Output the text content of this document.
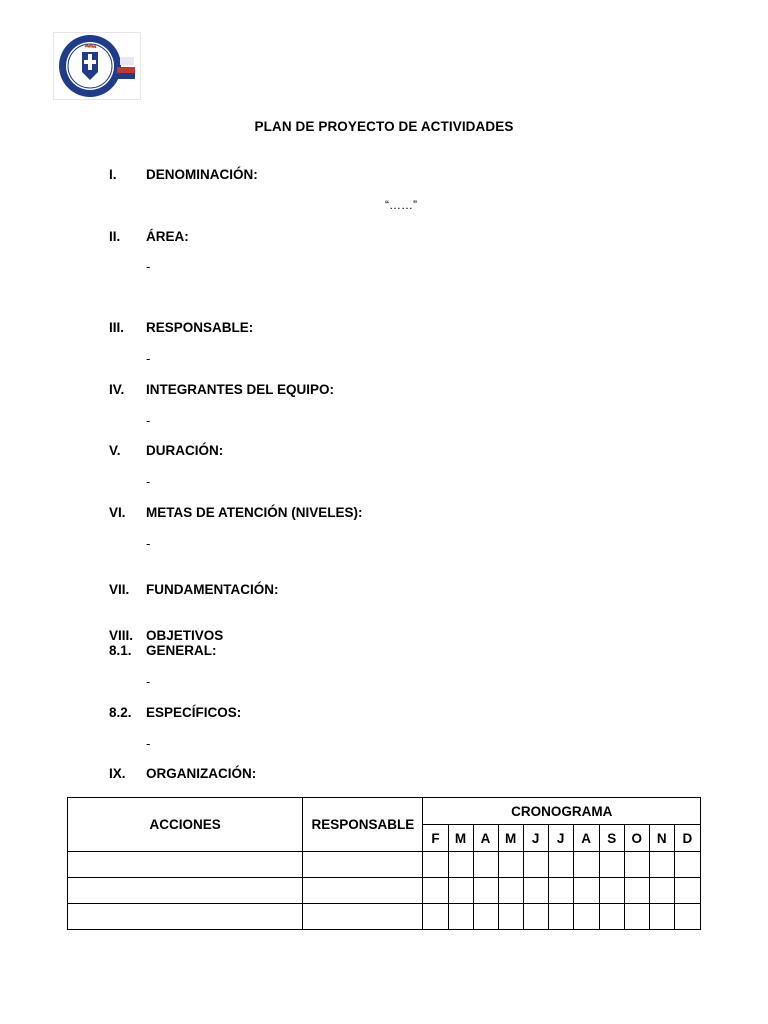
PLAN DE PROYECTO DE ACTIVIDADES
I. DENOMINACIÓN:
“……”
II. ÁREA:
-
III. RESPONSABLE:
-
IV. INTEGRANTES DEL EQUIPO:
-
V. DURACIÓN:
-
VI. METAS DE ATENCIÓN (NIVELES):
-
VII. FUNDAMENTACIÓN:
VIII. OBJETIVOS
8.1. GENERAL:
-
8.2. ESPECÍFICOS:
-
IX. ORGANIZACIÓN:
ACCIONES	RESPONSABLE	CRONOGRAMA										
		F	M	A	M	J	J	A	S	O	N	D
